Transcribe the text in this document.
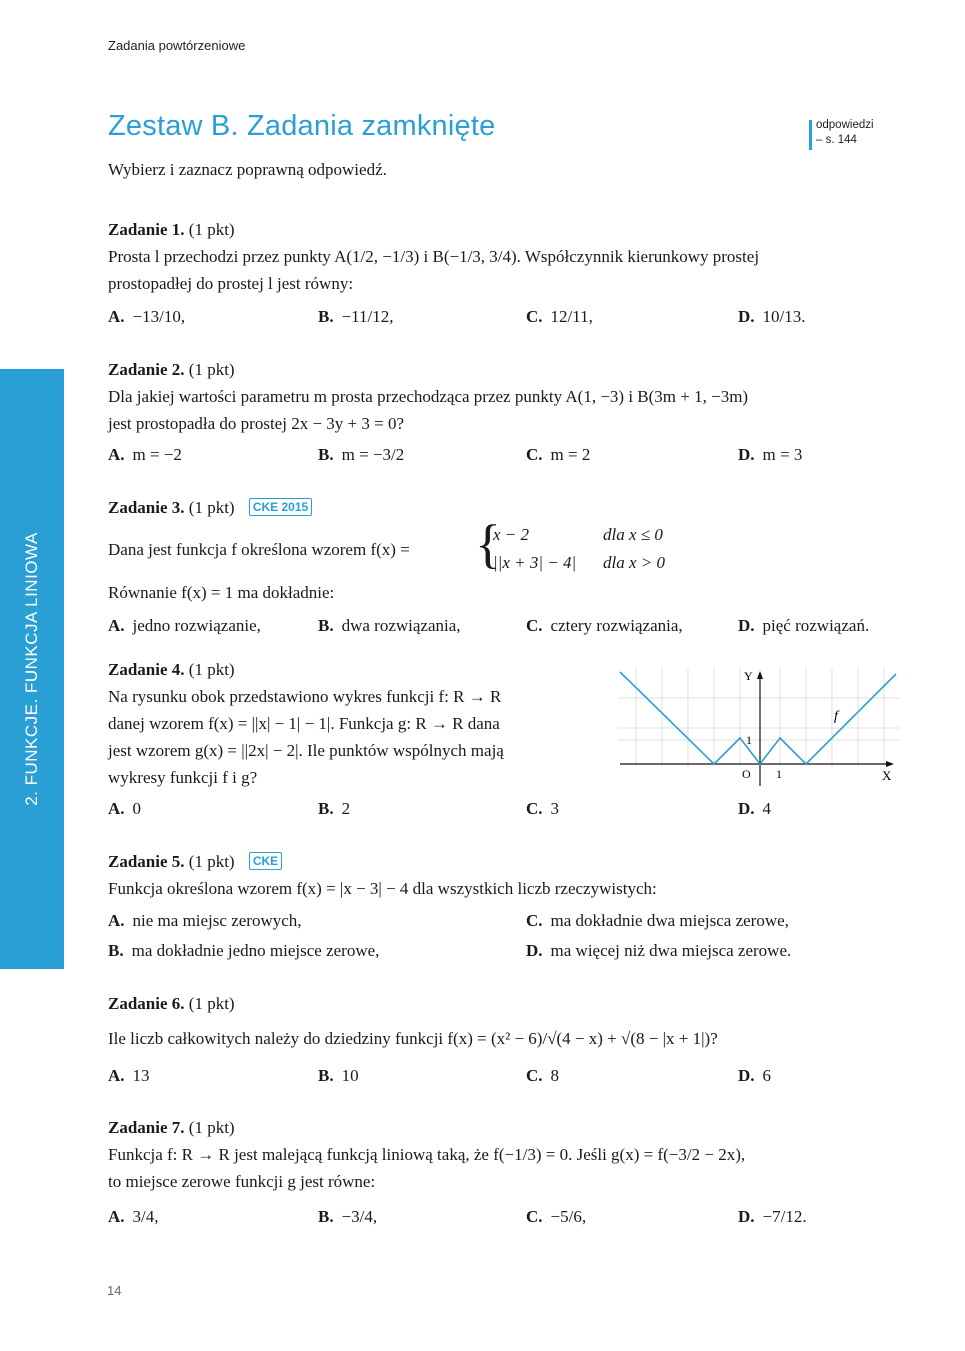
Zadania powtórzeniowe
Zestaw B. Zadania zamknięte	odpowiedzi
– s. 144
Wybierz i zaznacz poprawną odpowiedź.
2. FUNKCJE. FUNKCJA LINIOWA
Zadanie 1. (1 pkt)
Prosta l przechodzi przez punkty A(1/2, −1/3) i B(−1/3, 3/4). Współczynnik kierunkowy prostej
prostopadłej do prostej l jest równy:
A. −13/10,	B. −11/12,	C. 12/11,	D. 10/13.
Zadanie 2. (1 pkt)
Dla jakiej wartości parametru m prosta przechodząca przez punkty A(1, −3) i B(3m + 1, −3m)
jest prostopadła do prostej 2x − 3y + 3 = 0?
A. m = −2	B. m = −3/2	C. m = 2	D. m = 3
Zadanie 3. (1 pkt) CKE 2015
Dana jest funkcja f określona wzorem f(x) = {
x − 2	dla x ≤ 0
||x + 3| − 4| dla x > 0
Równanie f(x) = 1 ma dokładnie:
A. jedno rozwiązanie,	B. dwa rozwiązania,	C. cztery rozwiązania,	D. pięć rozwiązań.
Zadanie 4. (1 pkt)
Na rysunku obok przedstawiono wykres funkcji f: R → R
danej wzorem f(x) = ||x| − 1| − 1|. Funkcja g: R → R dana
jest wzorem g(x) = ||2x| − 2|. Ile punktów wspólnych mają
wykresy funkcji f i g?
A. 0	B. 2	C. 3	D. 4
Y
X
O 1
1
f
Zadanie 5. (1 pkt) CKE
Funkcja określona wzorem f(x) = |x − 3| − 4 dla wszystkich liczb rzeczywistych:
A. nie ma miejsc zerowych,
B. ma dokładnie jedno miejsce zerowe,
C. ma dokładnie dwa miejsca zerowe,
D. ma więcej niż dwa miejsca zerowe.
Zadanie 6. (1 pkt)
Ile liczb całkowitych należy do dziedziny funkcji f(x) = (x² − 6)/√(4 − x) + √(8 − |x + 1|)?
A. 13	B. 10	C. 8	D. 6
Zadanie 7. (1 pkt)
Funkcja f: R → R jest malejącą funkcją liniową taką, że f(−1/3) = 0. Jeśli g(x) = f(−3/2 − 2x),
to miejsce zerowe funkcji g jest równe:
A. 3/4,	B. −3/4,	C. −5/6,	D. −7/12.
14
